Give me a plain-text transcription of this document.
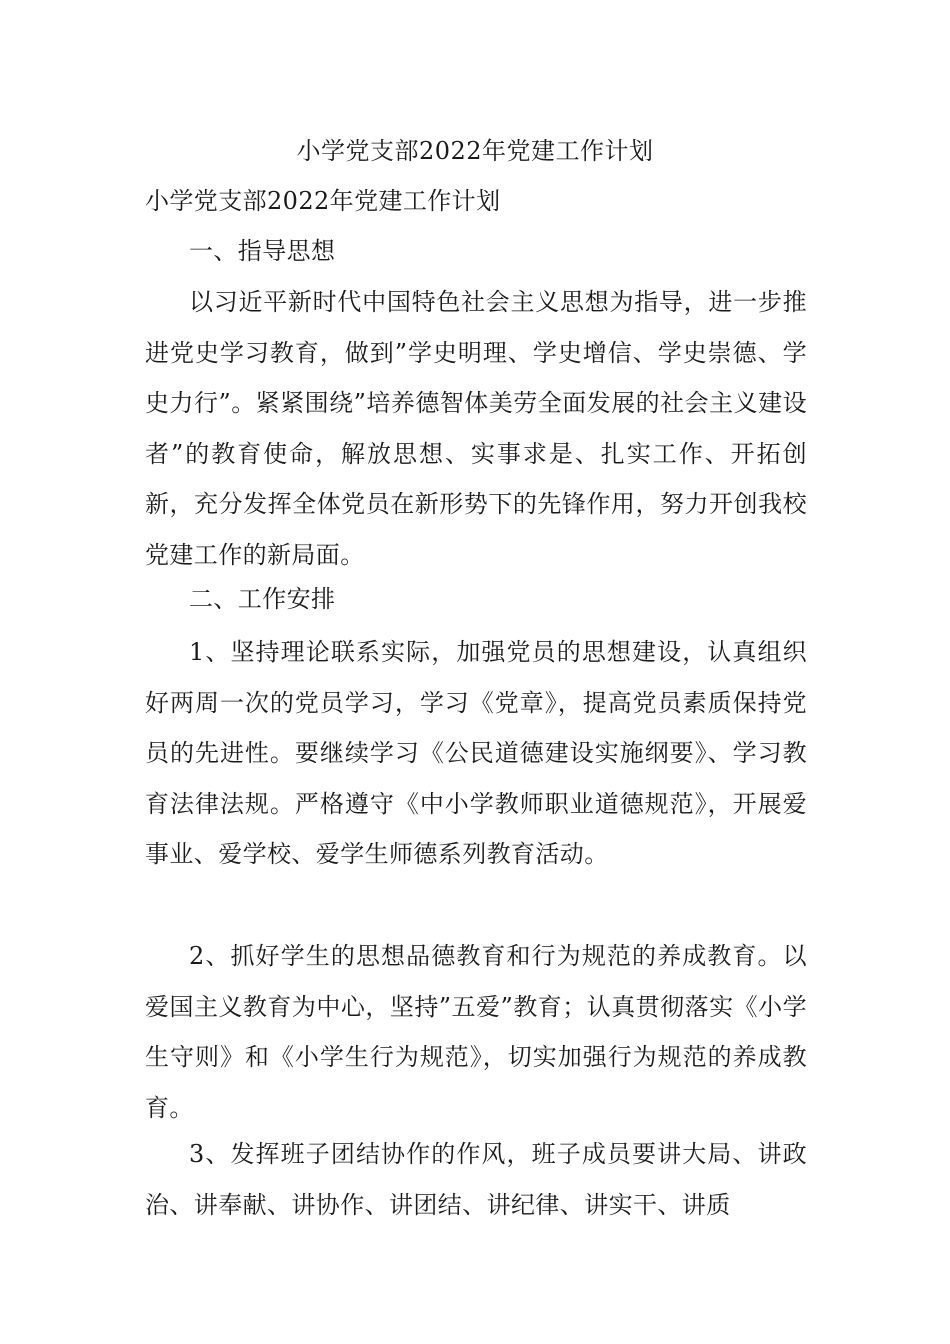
小学党支部2022年党建工作计划

小学党支部2022年党建工作计划

一、指导思想

以习近平新时代中国特色社会主义思想为指导，进一步推进党史学习教育，做到”学史明理、学史增信、学史崇德、学史力行”。紧紧围绕”培养德智体美劳全面发展的社会主义建设者”的教育使命，解放思想、实事求是、扎实工作、开拓创新，充分发挥全体党员在新形势下的先锋作用，努力开创我校党建工作的新局面。

二、工作安排

1、坚持理论联系实际，加强党员的思想建设，认真组织好两周一次的党员学习，学习《党章》，提高党员素质保持党员的先进性。要继续学习《公民道德建设实施纲要》、学习教育法律法规。严格遵守《中小学教师职业道德规范》，开展爱事业、爱学校、爱学生师德系列教育活动。

2、抓好学生的思想品德教育和行为规范的养成教育。以爱国主义教育为中心，坚持”五爱”教育；认真贯彻落实《小学生守则》和《小学生行为规范》，切实加强行为规范的养成教育。

3、发挥班子团结协作的作风，班子成员要讲大局、讲政治、讲奉献、讲协作、讲团结、讲纪律、讲实干、讲质
